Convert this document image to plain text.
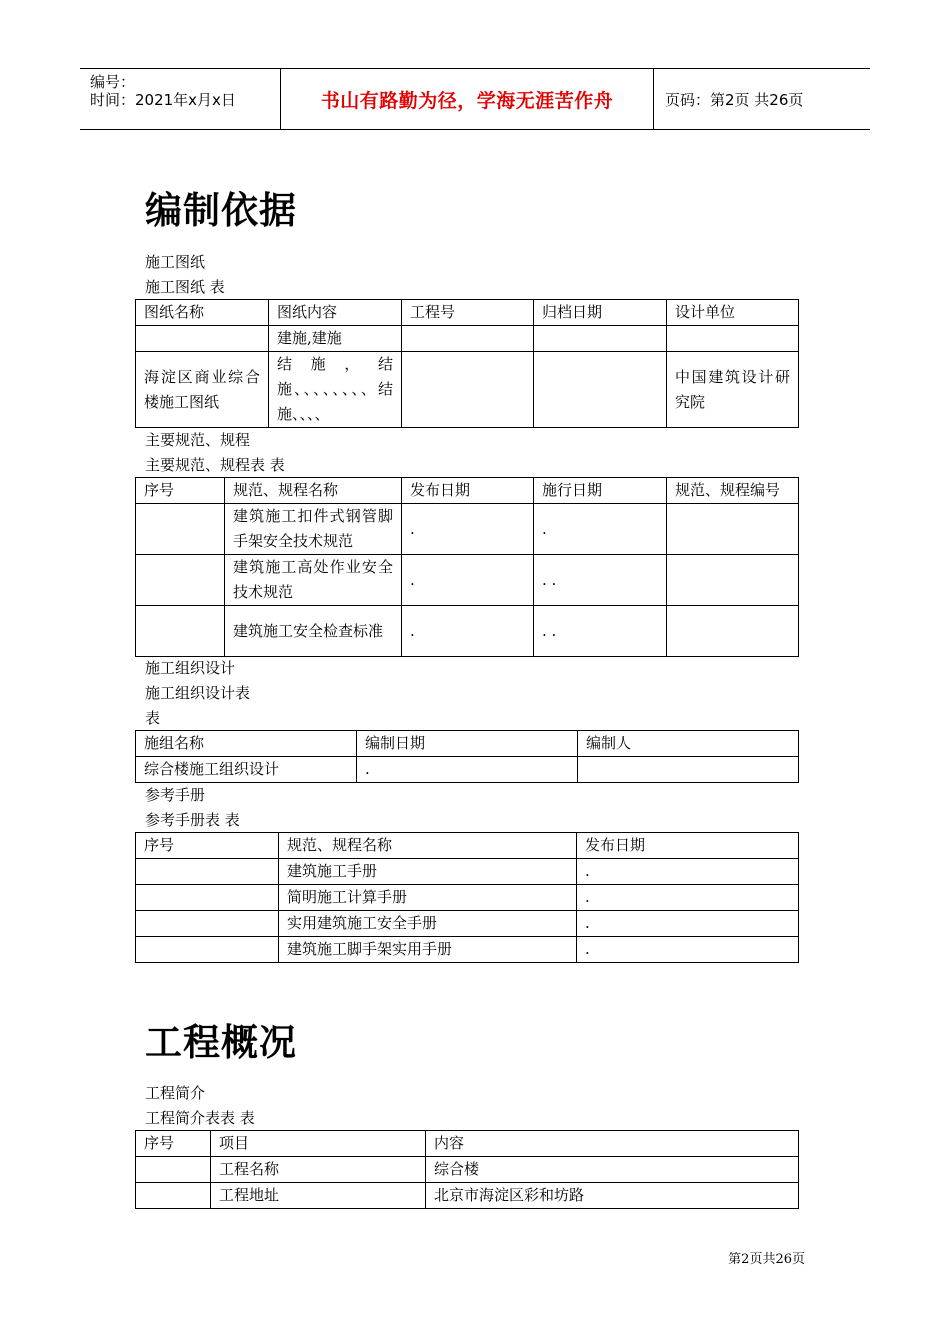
编号：
时间：2021年x月x日	书山有路勤为径，学海无涯苦作舟	页码：第2页 共26页
编制依据
施工图纸
施工图纸 表
图纸名称	图纸内容	工程号	归档日期	设计单位
	建施,建施			
海淀区商业综合楼施工图纸	结施，结施、、、、、、、、结施、、、、			中国建筑设计研究院
主要规范、规程
主要规范、规程表 表
序号	规范、规程名称	发布日期	施行日期	规范、规程编号
	建筑施工扣件式钢管脚手架安全技术规范	.	.	
	建筑施工高处作业安全技术规范	.	. .	
	建筑施工安全检查标准	.	. .	
施工组织设计
施工组织设计表
表
施组名称	编制日期	编制人
综合楼施工组织设计	.	
参考手册
参考手册表 表
序号	规范、规程名称	发布日期
	建筑施工手册	.
	简明施工计算手册	.
	实用建筑施工安全手册	.
	建筑施工脚手架实用手册	.
工程概况
工程简介
工程简介表表 表
序号	项目	内容
	工程名称	综合楼
	工程地址	北京市海淀区彩和坊路
第2页共26页
